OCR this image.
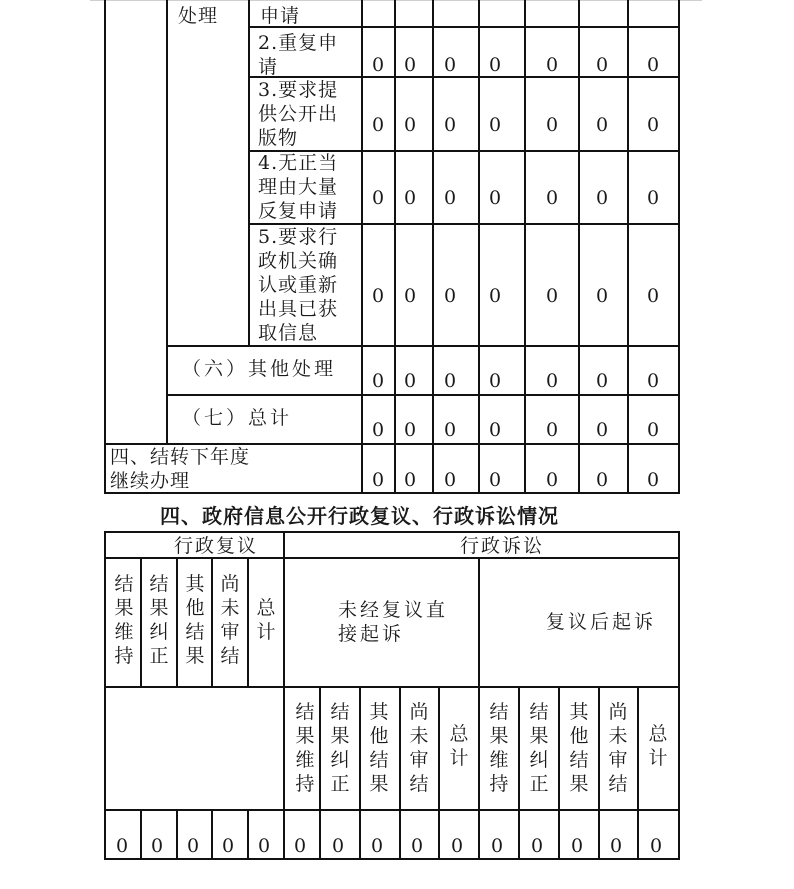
处理 申请
2.重复申
请
3.要求提
供公开出
版物
4.无正当
理由大量
反复申请
5.要求行
政机关确
认或重新
出具已获
取信息
（六）其他处理
（七）总计
四、结转下年度
继续办理
0 0 0 0 0 0 0
0 0 0 0 0 0 0
0 0 0 0 0 0 0
0 0 0 0 0 0 0
0 0 0 0 0 0 0
0 0 0 0 0 0 0
0 0 0 0 0 0 0
四、政府信息公开行政复议、行政诉讼情况
行政复议	行政诉讼
结果维持
结果纠正
其他结果
尚未审结
总计
未经复议直接起诉
复议后起诉
结果维持
结果纠正
其他结果
尚未审结
总计
结果维持
结果纠正
其他结果
尚未审结
总计
0 0 0 0 0 0 0 0 0 0 0 0 0 0 0
